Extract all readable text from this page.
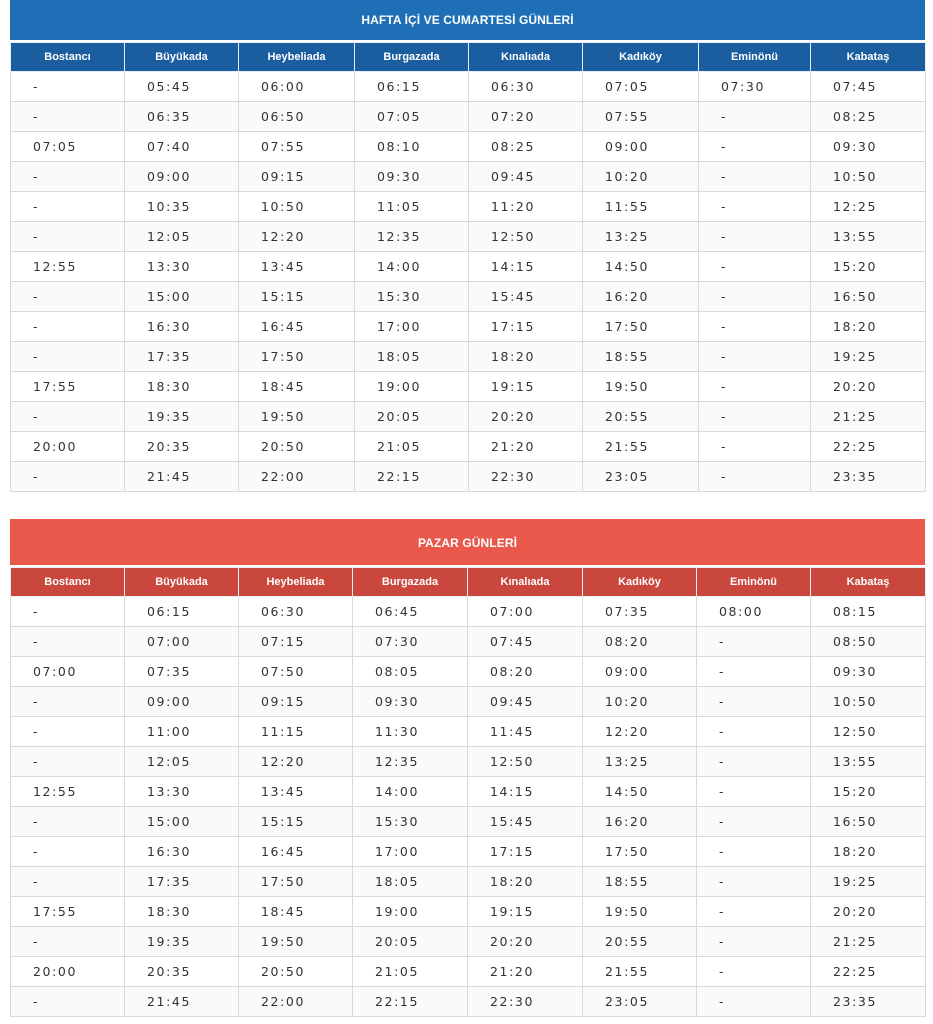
HAFTA İÇİ VE CUMARTESİ GÜNLERİ
Bostancı	Büyükada	Heybeliada	Burgazada	Kınalıada	Kadıköy	Eminönü	Kabataş
-	05:45	06:00	06:15	06:30	07:05	07:30	07:45
-	06:35	06:50	07:05	07:20	07:55	-	08:25
07:05	07:40	07:55	08:10	08:25	09:00	-	09:30
-	09:00	09:15	09:30	09:45	10:20	-	10:50
-	10:35	10:50	11:05	11:20	11:55	-	12:25
-	12:05	12:20	12:35	12:50	13:25	-	13:55
12:55	13:30	13:45	14:00	14:15	14:50	-	15:20
-	15:00	15:15	15:30	15:45	16:20	-	16:50
-	16:30	16:45	17:00	17:15	17:50	-	18:20
-	17:35	17:50	18:05	18:20	18:55	-	19:25
17:55	18:30	18:45	19:00	19:15	19:50	-	20:20
-	19:35	19:50	20:05	20:20	20:55	-	21:25
20:00	20:35	20:50	21:05	21:20	21:55	-	22:25
-	21:45	22:00	22:15	22:30	23:05	-	23:35
PAZAR GÜNLERİ
Bostancı	Büyükada	Heybeliada	Burgazada	Kınalıada	Kadıköy	Eminönü	Kabataş
-	06:15	06:30	06:45	07:00	07:35	08:00	08:15
-	07:00	07:15	07:30	07:45	08:20	-	08:50
07:00	07:35	07:50	08:05	08:20	09:00	-	09:30
-	09:00	09:15	09:30	09:45	10:20	-	10:50
-	11:00	11:15	11:30	11:45	12:20	-	12:50
-	12:05	12:20	12:35	12:50	13:25	-	13:55
12:55	13:30	13:45	14:00	14:15	14:50	-	15:20
-	15:00	15:15	15:30	15:45	16:20	-	16:50
-	16:30	16:45	17:00	17:15	17:50	-	18:20
-	17:35	17:50	18:05	18:20	18:55	-	19:25
17:55	18:30	18:45	19:00	19:15	19:50	-	20:20
-	19:35	19:50	20:05	20:20	20:55	-	21:25
20:00	20:35	20:50	21:05	21:20	21:55	-	22:25
-	21:45	22:00	22:15	22:30	23:05	-	23:35
